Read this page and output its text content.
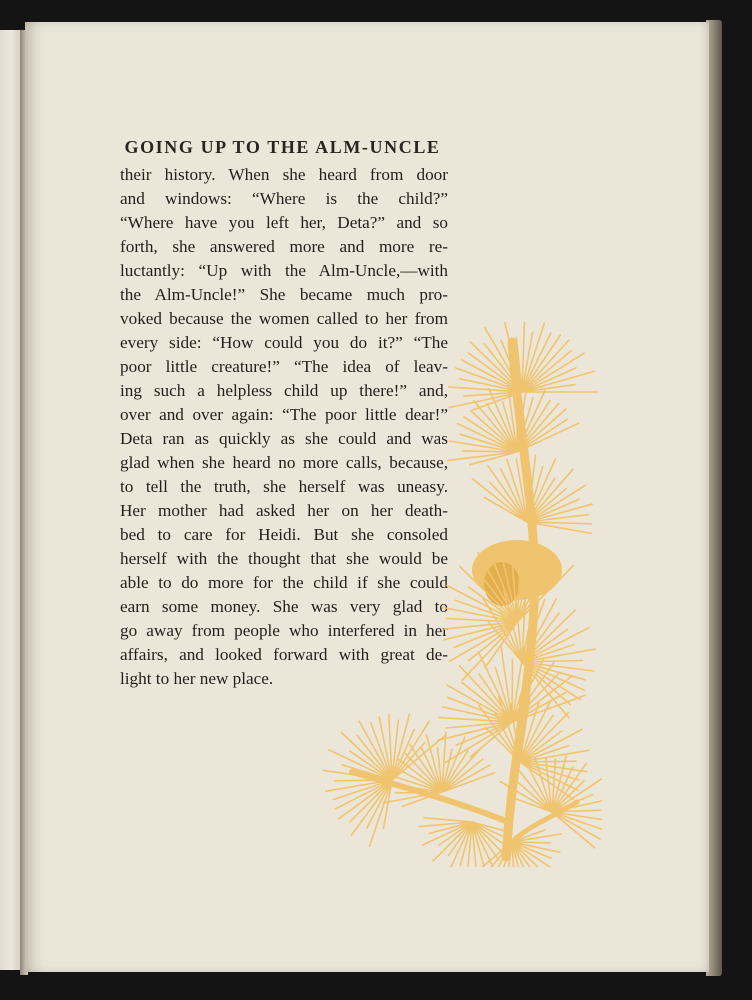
GOING UP TO THE ALM-UNCLE
their history. When she heard from door
and windows: “Where is the child?”
“Where have you left her, Deta?” and so
forth, she answered more and more re-
luctantly: “Up with the Alm-Uncle,—with
the Alm-Uncle!” She became much pro-
voked because the women called to her from
every side: “How could you do it?” “The
poor little creature!” “The idea of leav-
ing such a helpless child up there!” and,
over and over again: “The poor little dear!”
Deta ran as quickly as she could and was
glad when she heard no more calls, because,
to tell the truth, she herself was uneasy.
Her mother had asked her on her death-
bed to care for Heidi. But she consoled
herself with the thought that she would be
able to do more for the child if she could
earn some money. She was very glad to
go away from people who interfered in her
affairs, and looked forward with great de-
light to her new place.
